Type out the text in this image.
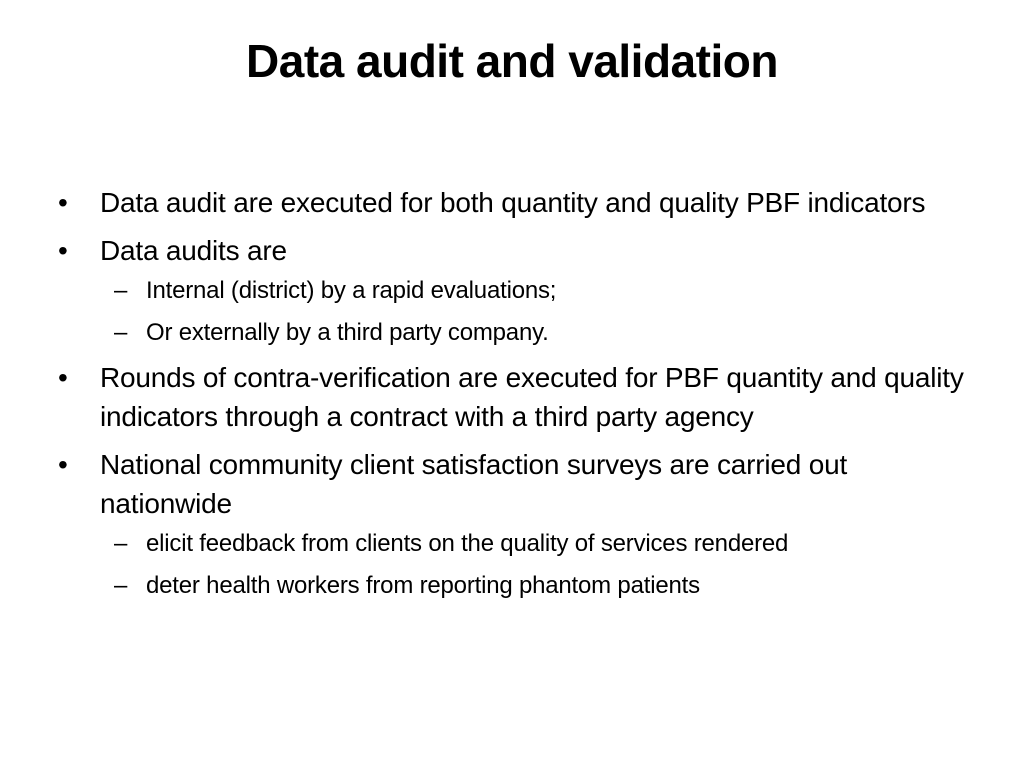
Data audit and validation
•	Data audit are executed for both quantity and quality PBF indicators
•	Data audits are
– Internal (district) by a rapid evaluations;
– Or externally by a third party company.
•	Rounds of contra-verification are executed for PBF quantity and quality indicators through a contract with a third party agency
•	National community client satisfaction surveys are carried out nationwide
– elicit feedback from clients on the quality of services rendered
– deter health workers from reporting phantom patients
